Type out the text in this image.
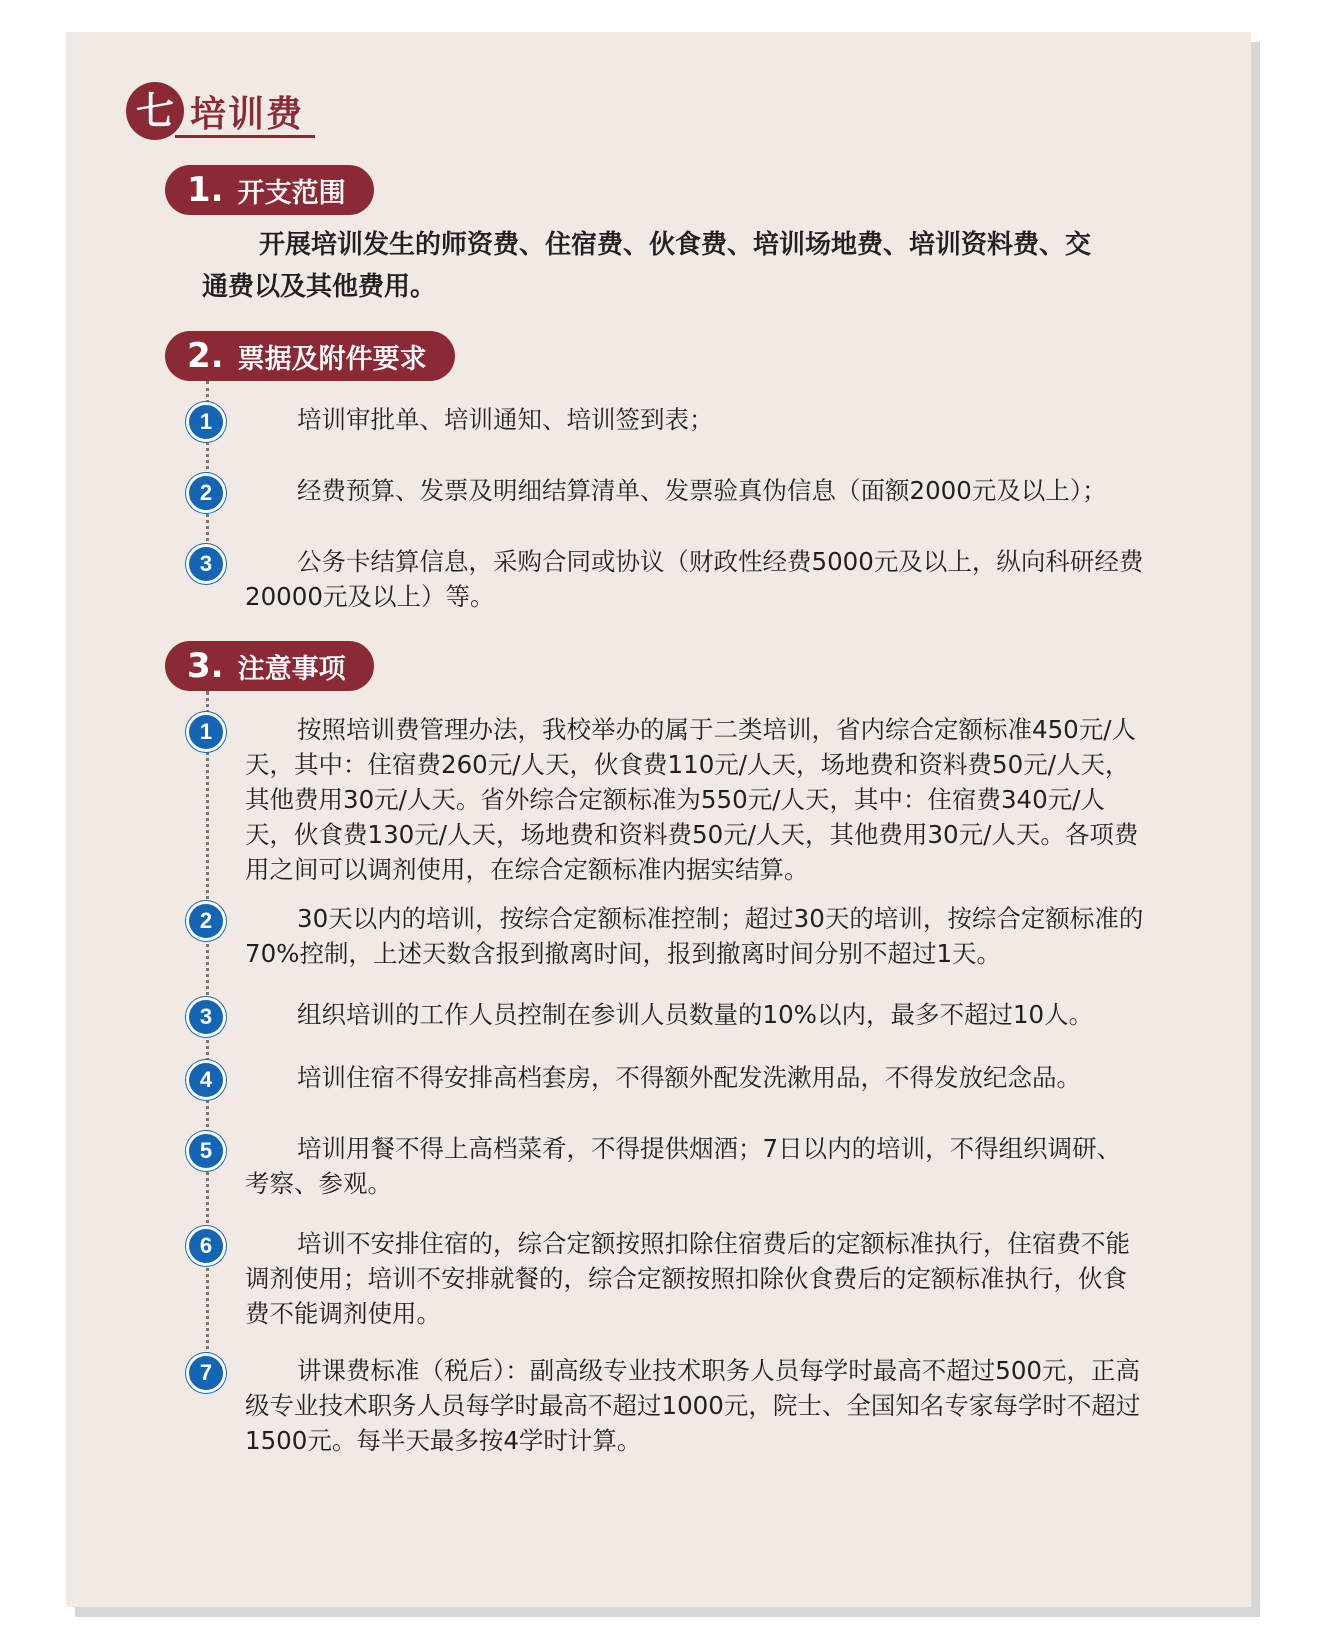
七 培训费
1. 开支范围

开展培训发生的师资费、住宿费、伙食费、培训场地费、培训资料费、交通费以及其他费用。

2. 票据及附件要求
1	培训审批单、培训通知、培训签到表；

2	经费预算、发票及明细结算清单、发票验真伪信息（面额2000元及以上）；

3	公务卡结算信息，采购合同或协议（财政性经费5000元及以上，纵向科研经费20000元及以上）等。

3. 注意事项
1	按照培训费管理办法，我校举办的属于二类培训，省内综合定额标准450元/人天，其中：住宿费260元/人天，伙食费110元/人天，场地费和资料费50元/人天，其他费用30元/人天。省外综合定额标准为550元/人天，其中：住宿费340元/人天，伙食费130元/人天，场地费和资料费50元/人天，其他费用30元/人天。各项费用之间可以调剂使用，在综合定额标准内据实结算。

2	30天以内的培训，按综合定额标准控制；超过30天的培训，按综合定额标准的70%控制，上述天数含报到撤离时间，报到撤离时间分别不超过1天。

3	组织培训的工作人员控制在参训人员数量的10%以内，最多不超过10人。

4	培训住宿不得安排高档套房，不得额外配发洗漱用品，不得发放纪念品。

5	培训用餐不得上高档菜肴，不得提供烟酒；7日以内的培训，不得组织调研、考察、参观。

6	培训不安排住宿的，综合定额按照扣除住宿费后的定额标准执行，住宿费不能调剂使用；培训不安排就餐的，综合定额按照扣除伙食费后的定额标准执行，伙食费不能调剂使用。

7	讲课费标准（税后）：副高级专业技术职务人员每学时最高不超过500元，正高级专业技术职务人员每学时最高不超过1000元，院士、全国知名专家每学时不超过1500元。每半天最多按4学时计算。
